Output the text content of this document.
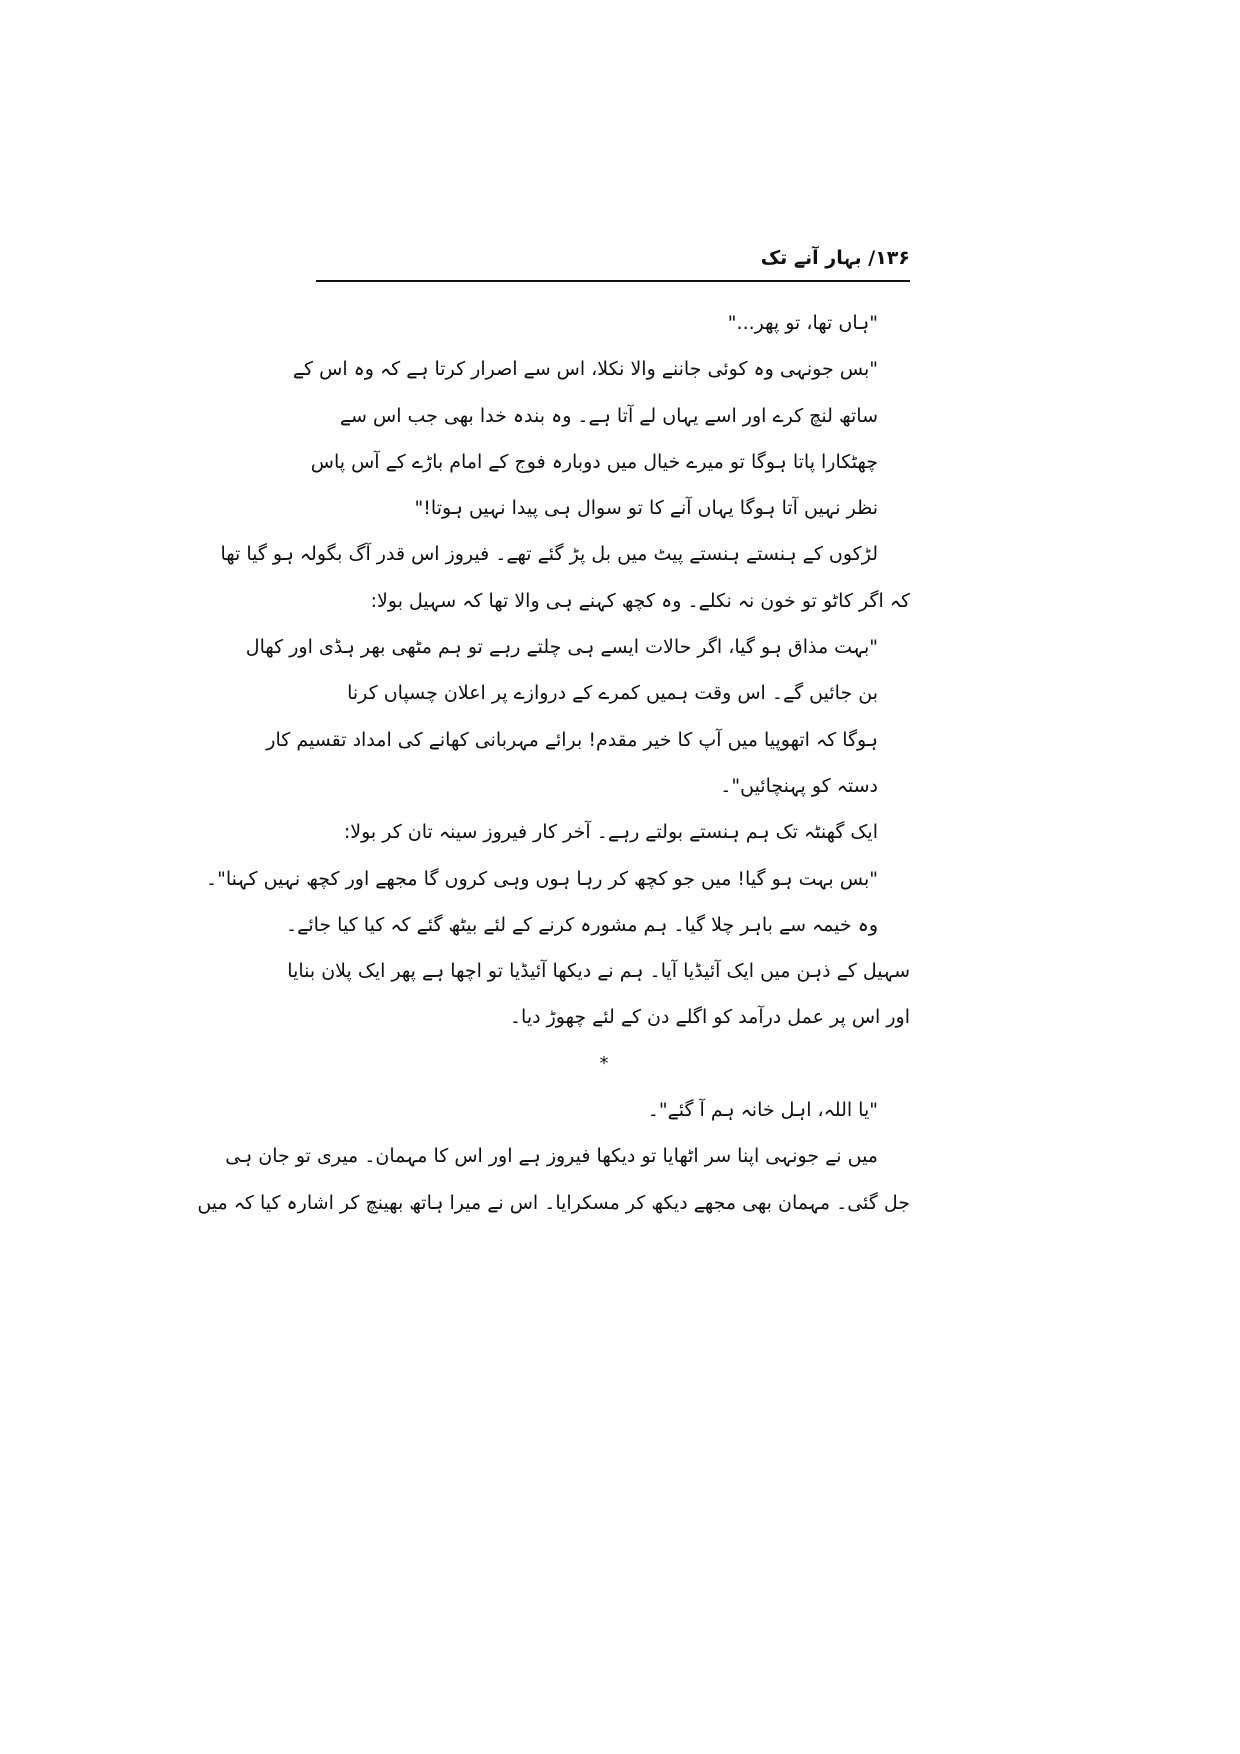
۱۳۶/ بہار آنے تک
"ہاں تھا، تو پھر..."
"بس جونہی وہ کوئی جاننے والا نکلا، اس سے اصرار کرتا ہے کہ وہ اس کے
ساتھ لنچ کرے اور اسے یہاں لے آتا ہے۔ وہ بندہ خدا بھی جب اس سے
چھٹکارا پاتا ہوگا تو میرے خیال میں دوبارہ فوج کے امام باڑے کے آس پاس
نظر نہیں آتا ہوگا یہاں آنے کا تو سوال ہی پیدا نہیں ہوتا!"
لڑکوں کے ہنستے ہنستے پیٹ میں بل پڑ گئے تھے۔ فیروز اس قدر آگ بگولہ ہو گیا تھا
کہ اگر کاٹو تو خون نہ نکلے۔ وہ کچھ کہنے ہی والا تھا کہ سہیل بولا:
"بہت مذاق ہو گیا، اگر حالات ایسے ہی چلتے رہے تو ہم مٹھی بھر ہڈی اور کھال
بن جائیں گے۔ اس وقت ہمیں کمرے کے دروازے پر اعلان چسپاں کرنا
ہوگا کہ اتھوپیا میں آپ کا خیر مقدم! برائے مہربانی کھانے کی امداد تقسیم کار
دستہ کو پہنچائیں"۔
ایک گھنٹہ تک ہم ہنستے بولتے رہے۔ آخر کار فیروز سینہ تان کر بولا:
"بس بہت ہو گیا! میں جو کچھ کر رہا ہوں وہی کروں گا مجھے اور کچھ نہیں کہنا"۔
وہ خیمہ سے باہر چلا گیا۔ ہم مشورہ کرنے کے لئے بیٹھ گئے کہ کیا کیا جائے۔
سہیل کے ذہن میں ایک آئیڈیا آیا۔ ہم نے دیکھا آئیڈیا تو اچھا ہے پھر ایک پلان بنایا
اور اس پر عمل درآمد کو اگلے دن کے لئے چھوڑ دیا۔
*
"یا اللہ، اہل خانہ ہم آ گئے"۔
میں نے جونہی اپنا سر اٹھایا تو دیکھا فیروز ہے اور اس کا مہمان۔ میری تو جان ہی
جل گئی۔ مہمان بھی مجھے دیکھ کر مسکرایا۔ اس نے میرا ہاتھ بھینچ کر اشارہ کیا کہ میں
